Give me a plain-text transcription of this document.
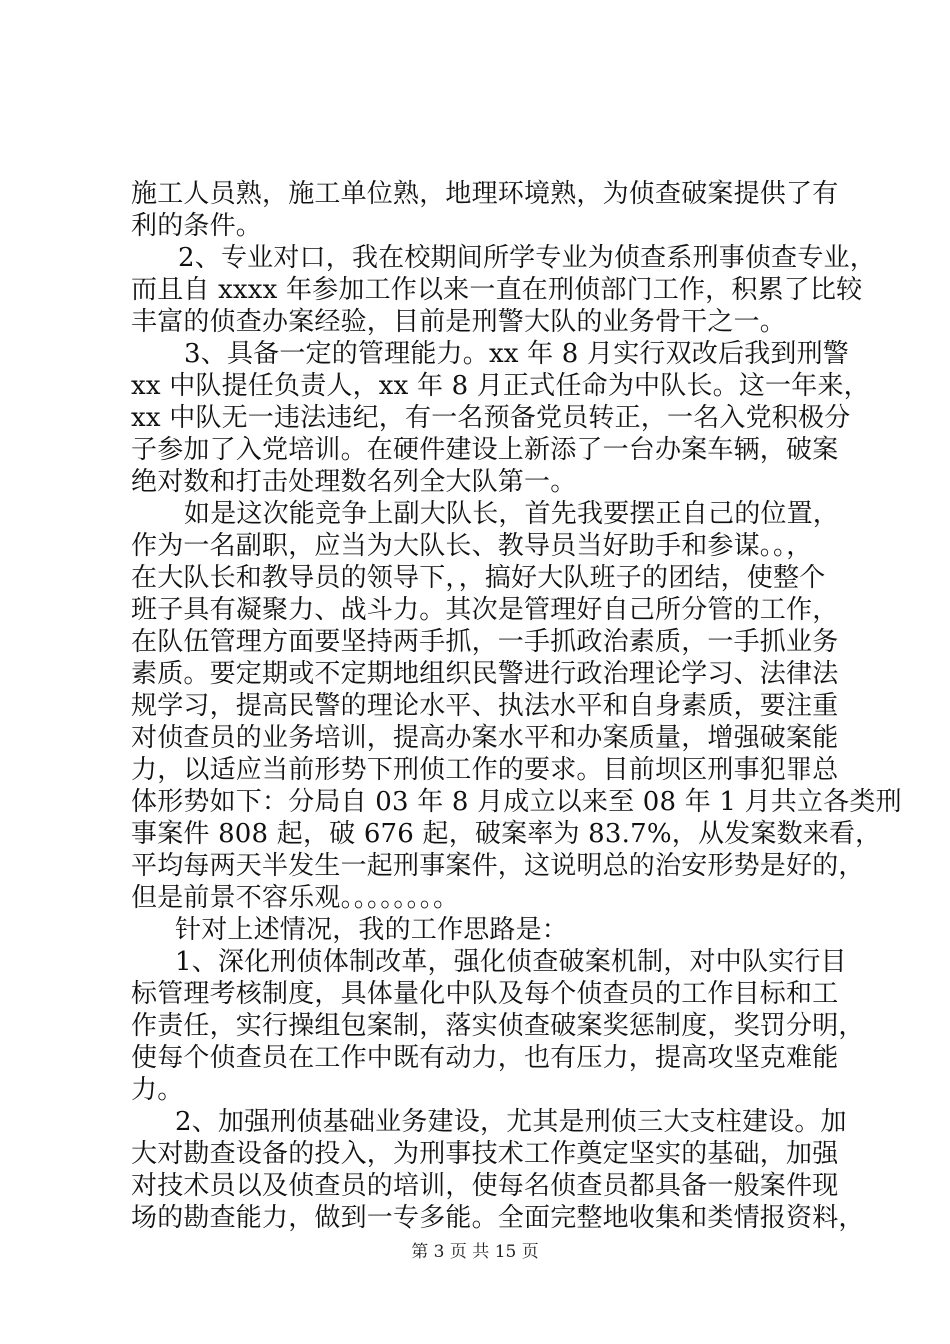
施工人员熟，施工单位熟，地理环境熟，为侦查破案提供了有
利的条件。
2、专业对口，我在校期间所学专业为侦查系刑事侦查专业，
而且自 xxxx 年参加工作以来一直在刑侦部门工作，积累了比较
丰富的侦查办案经验，目前是刑警大队的业务骨干之一。
3、具备一定的管理能力。xx 年 8 月实行双改后我到刑警
xx 中队提任负责人，xx 年 8 月正式任命为中队长。这一年来，
xx 中队无一违法违纪，有一名预备党员转正，一名入党积极分
子参加了入党培训。在硬件建设上新添了一台办案车辆，破案
绝对数和打击处理数名列全大队第一。
如是这次能竞争上副大队长，首先我要摆正自己的位置，
作为一名副职，应当为大队长、教导员当好助手和参谋。。，
在大队长和教导员的领导下，，搞好大队班子的团结，使整个
班子具有凝聚力、战斗力。其次是管理好自己所分管的工作，
在队伍管理方面要坚持两手抓，一手抓政治素质，一手抓业务
素质。要定期或不定期地组织民警进行政治理论学习、法律法
规学习，提高民警的理论水平、执法水平和自身素质，要注重
对侦查员的业务培训，提高办案水平和办案质量，增强破案能
力，以适应当前形势下刑侦工作的要求。目前坝区刑事犯罪总
体形势如下：分局自 03 年 8 月成立以来至 08 年 1 月共立各类刑
事案件 808 起，破 676 起，破案率为 83.7%，从发案数来看，
平均每两天半发生一起刑事案件，这说明总的治安形势是好的，
但是前景不容乐观。。。。。。。。
针对上述情况，我的工作思路是：
1、深化刑侦体制改革，强化侦查破案机制，对中队实行目
标管理考核制度，具体量化中队及每个侦查员的工作目标和工
作责任，实行操组包案制，落实侦查破案奖惩制度，奖罚分明，
使每个侦查员在工作中既有动力，也有压力，提高攻坚克难能
力。
2、加强刑侦基础业务建设，尤其是刑侦三大支柱建设。加
大对勘查设备的投入，为刑事技术工作奠定坚实的基础，加强
对技术员以及侦查员的培训，使每名侦查员都具备一般案件现
场的勘查能力，做到一专多能。全面完整地收集和类情报资料，
第 3 页 共 15 页
